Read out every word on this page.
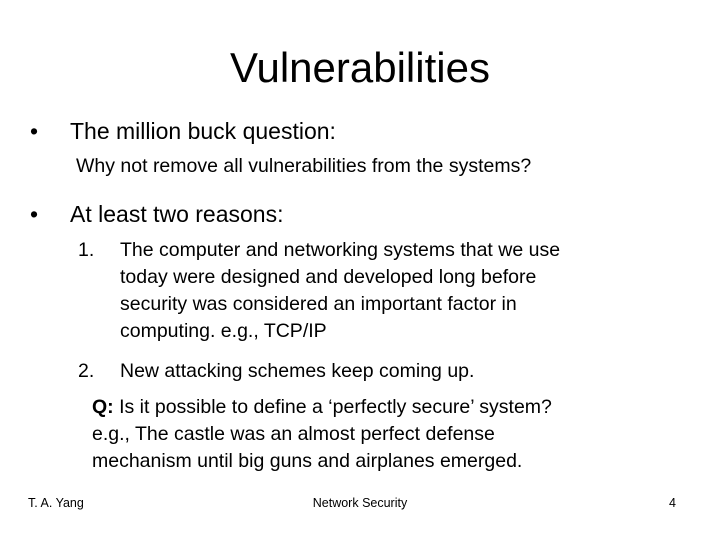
Vulnerabilities
• The million buck question:
Why not remove all vulnerabilities from the systems?
• At least two reasons:
1.	The computer and networking systems that we use
today were designed and developed long before
security was considered an important factor in
computing. e.g., TCP/IP
2.	New attacking schemes keep coming up.
Q: Is it possible to define a ‘perfectly secure’ system?
e.g., The castle was an almost perfect defense
mechanism until big guns and airplanes emerged.
T. A. Yang	Network Security	4
